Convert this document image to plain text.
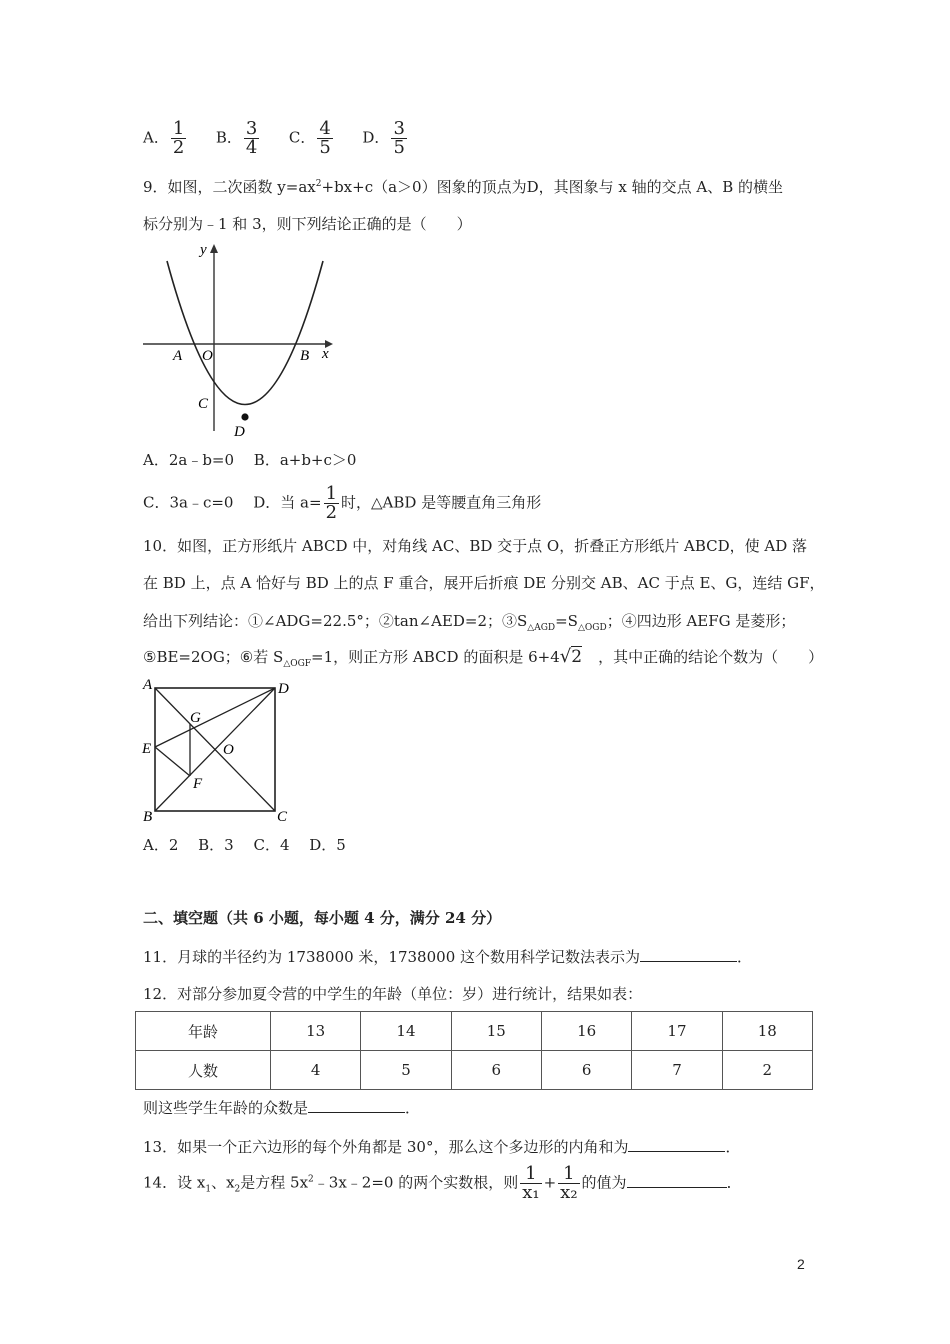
A． $\frac{1}{2}$ B． $\frac{3}{4}$ C． $\frac{4}{5}$ D． $\frac{3}{5}$
9．如图，二次函数 $y=ax^2+bx+c(a>0)$图象的顶点为D，其图象与 x 轴的交点 A、B 的横坐
标分别为﹣1 和 3，则下列结论正确的是（　　）
y
x
A O	B
C
D
A．2a﹣b=0　 B．a+b+c＞0
C．3a﹣c=0　 D．当 $a= \frac{1}{2}$ 时，△ABD 是等腰直角三角形
10．如图，正方形纸片 ABCD 中，对角线 AC、BD 交于点 O，折叠正方形纸片 ABCD，使 AD 落
在 BD 上，点 A 恰好与 BD 上的点 F 重合，展开后折痕 DE 分别交 AB、AC 于点 E、G，连结 GF，
给出下列结论：①∠ADG=22.5°；②tan∠AED=2；$③S_{\triangle AGD}=S_{\triangle OGD}$；④四边形 AEFG 是菱形；
⑤BE=2OG；⑥若 $S_{\triangle OGF}=1$，则正方形 ABCD 的面积是 6+4√2 ，其中正确的结论个数为（　　）
A	D
G
E	O
F
B	C
A．2　 B．3　 C．4　 D．5
二、填空题（共 6 小题，每小题 4 分，满分 24 分）
11．月球的半径约为 1738000 米，1738000 这个数用科学记数法表示为	．
12．对部分参加夏令营的中学生的年龄（单位：岁）进行统计，结果如表：
年龄	13	14	15	16	17	18
人数	4	5	6	6	7	2
则这些学生年龄的众数是	．
13．如果一个正六边形的每个外角都是 30°，那么这个多边形的内角和为	．
14．设 $x_1$、$x_2$是方程 $5x^2﹣3x﹣2=0$ 的两个实数根，则 $\frac{1}{\text{x₁}} + \frac{1}{\text{x₂}}$ 的值为	．
2
